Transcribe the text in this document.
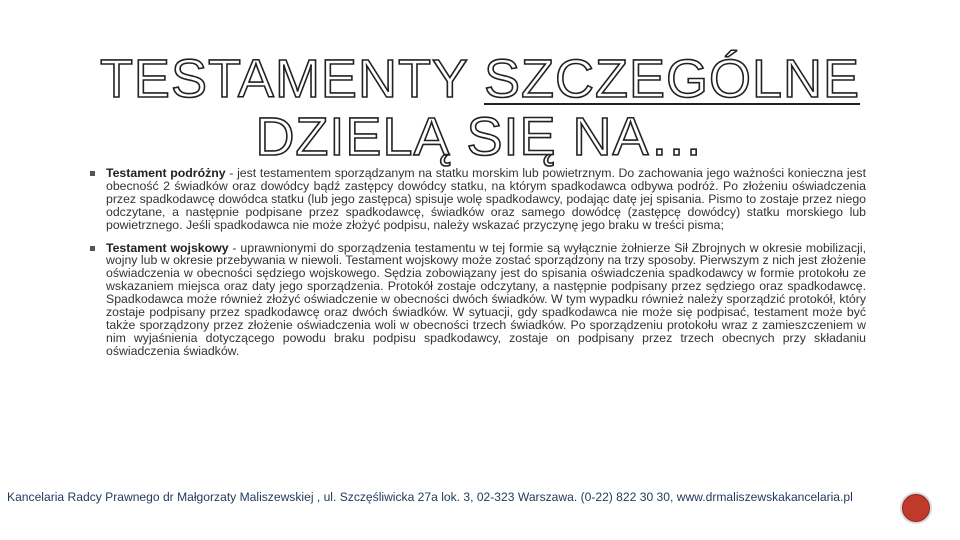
TESTAMENTY SZCZEGÓLNE
DZIELĄ SIĘ NA…

Testament podróżny - jest testamentem sporządzanym na statku morskim lub powietrznym. Do zachowania jego ważności konieczna jest obecność 2 świadków oraz dowódcy bądź zastępcy dowódcy statku, na którym spadkodawca odbywa podróż. Po złożeniu oświadczenia przez spadkodawcę dowódca statku (lub jego zastępca) spisuje wolę spadkodawcy, podając datę jej spisania. Pismo to zostaje przez niego odczytane, a następnie podpisane przez spadkodawcę, świadków oraz samego dowódcę (zastępcę dowódcy) statku morskiego lub powietrznego. Jeśli spadkodawca nie może złożyć podpisu, należy wskazać przyczynę jego braku w treści pisma;

Testament wojskowy - uprawnionymi do sporządzenia testamentu w tej formie są wyłącznie żołnierze Sił Zbrojnych w okresie mobilizacji, wojny lub w okresie przebywania w niewoli. Testament wojskowy może zostać sporządzony na trzy sposoby. Pierwszym z nich jest złożenie oświadczenia w obecności sędziego wojskowego. Sędzia zobowiązany jest do spisania oświadczenia spadkodawcy w formie protokołu ze wskazaniem miejsca oraz daty jego sporządzenia. Protokół zostaje odczytany, a następnie podpisany przez sędziego oraz spadkodawcę. Spadkodawca może również złożyć oświadczenie w obecności dwóch świadków. W tym wypadku również należy sporządzić protokół, który zostaje podpisany przez spadkodawcę oraz dwóch świadków. W sytuacji, gdy spadkodawca nie może się podpisać, testament może być także sporządzony przez złożenie oświadczenia woli w obecności trzech świadków. Po sporządzeniu protokołu wraz z zamieszczeniem w nim wyjaśnienia dotyczącego powodu braku podpisu spadkodawcy, zostaje on podpisany przez trzech obecnych przy składaniu oświadczenia świadków.

Kancelaria Radcy Prawnego dr Małgorzaty Maliszewskiej , ul. Szczęśliwicka 27a lok. 3, 02-323 Warszawa. (0-22) 822 30 30, www.drmaliszewskakancelaria.pl
